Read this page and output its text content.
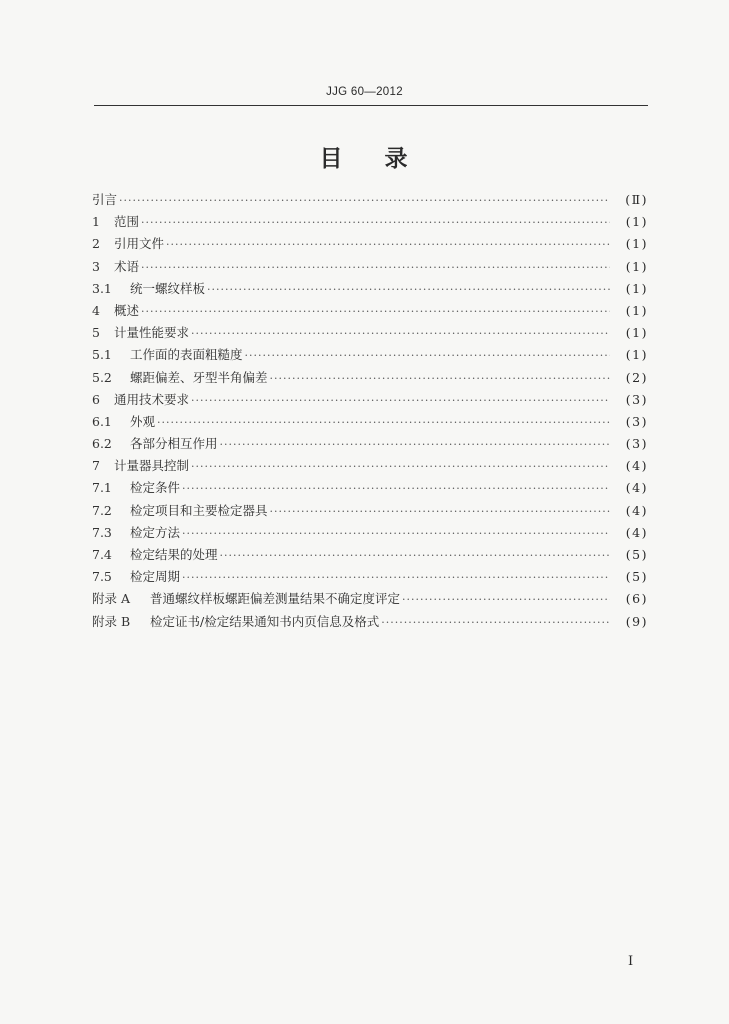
JJG 60—2012
目 录
引言 ·····	(Ⅱ)
1	范围 ·····	(1)
2	引用文件 ·····	(1)
3	术语 ·····	(1)
3.1	统一螺纹样板 ·····	(1)
4	概述 ·····	(1)
5	计量性能要求 ·····	(1)
5.1	工作面的表面粗糙度 ·····	(1)
5.2	螺距偏差、牙型半角偏差 ·····	(2)
6	通用技术要求 ·····	(3)
6.1	外观 ·····	(3)
6.2	各部分相互作用 ·····	(3)
7	计量器具控制 ·····	(4)
7.1	检定条件 ·····	(4)
7.2	检定项目和主要检定器具 ·····	(4)
7.3	检定方法 ·····	(4)
7.4	检定结果的处理 ·····	(5)
7.5	检定周期 ·····	(5)
附录 A	普通螺纹样板螺距偏差测量结果不确定度评定 ·····	(6)
附录 B	检定证书/检定结果通知书内页信息及格式 ·····	(9)
I
